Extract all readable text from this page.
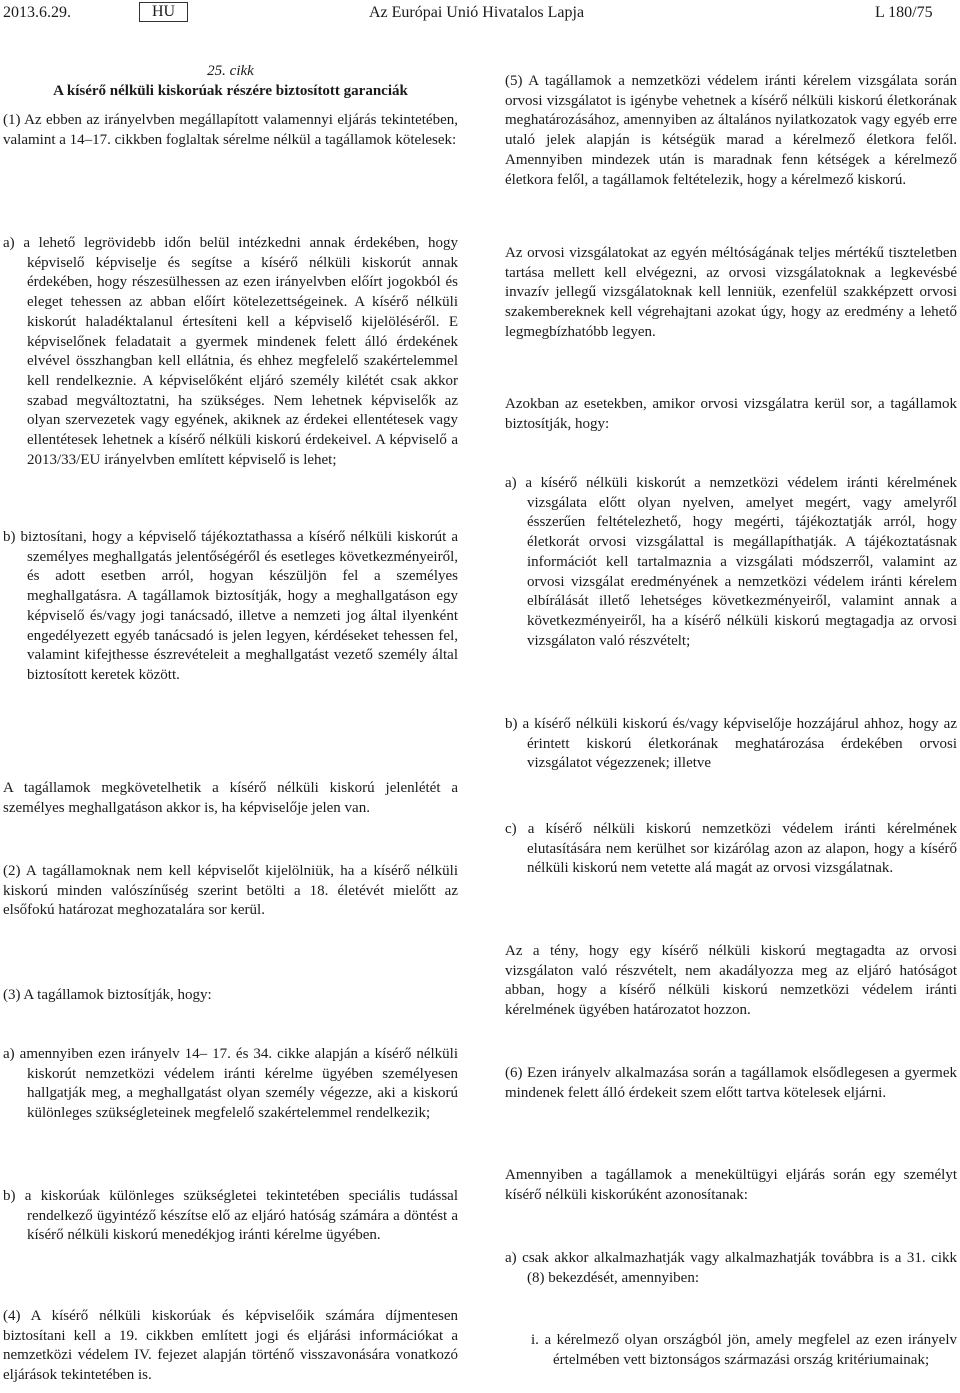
2013.6.29.	HU	Az Európai Unió Hivatalos Lapja	L 180/75
25. cikk
A kísérő nélküli kiskorúak részére biztosított garanciák
(1) Az ebben az irányelvben megállapított valamennyi eljárás tekintetében, valamint a 14–17. cikkben foglaltak sérelme nélkül a tagállamok kötelesek:
a) a lehető legrövidebb időn belül intézkedni annak érdekében, hogy képviselő képviselje és segítse a kísérő nélküli kiskorút annak érdekében, hogy részesülhessen az ezen irányelvben előírt jogokból és eleget tehessen az abban előírt kötelezettségeinek. A kísérő nélküli kiskorút haladéktalanul értesíteni kell a képviselő kijelöléséről. E képviselőnek feladatait a gyermek mindenek felett álló érdekének elvével összhangban kell ellátnia, és ehhez megfelelő szakértelemmel kell rendelkeznie. A képviselőként eljáró személy kilétét csak akkor szabad megváltoztatni, ha szükséges. Nem lehetnek képviselők az olyan szervezetek vagy egyének, akiknek az érdekei ellentétesek vagy ellentétesek lehetnek a kísérő nélküli kiskorú érdekeivel. A képviselő a 2013/33/EU irányelvben említett képviselő is lehet;
b) biztosítani, hogy a képviselő tájékoztathassa a kísérő nélküli kiskorút a személyes meghallgatás jelentőségéről és esetleges következményeiről, és adott esetben arról, hogyan készüljön fel a személyes meghallgatásra. A tagállamok biztosítják, hogy a meghallgatáson egy képviselő és/vagy jogi tanácsadó, illetve a nemzeti jog által ilyenként engedélyezett egyéb tanácsadó is jelen legyen, kérdéseket tehessen fel, valamint kifejthesse észrevételeit a meghallgatást vezető személy által biztosított keretek között.
A tagállamok megkövetelhetik a kísérő nélküli kiskorú jelenlétét a személyes meghallgatáson akkor is, ha képviselője jelen van.
(2) A tagállamoknak nem kell képviselőt kijelölniük, ha a kísérő nélküli kiskorú minden valószínűség szerint betölti a 18. életévét mielőtt az elsőfokú határozat meghozatalára sor kerül.
(3) A tagállamok biztosítják, hogy:
a) amennyiben ezen irányelv 14– 17. és 34. cikke alapján a kísérő nélküli kiskorút nemzetközi védelem iránti kérelme ügyében személyesen hallgatják meg, a meghallgatást olyan személy végezze, aki a kiskorú különleges szükségleteinek megfelelő szakértelemmel rendelkezik;
b) a kiskorúak különleges szükségletei tekintetében speciális tudással rendelkező ügyintéző készítse elő az eljáró hatóság számára a döntést a kísérő nélküli kiskorú menedékjog iránti kérelme ügyében.
(4) A kísérő nélküli kiskorúak és képviselőik számára díjmentesen biztosítani kell a 19. cikkben említett jogi és eljárási információkat a nemzetközi védelem IV. fejezet alapján történő visszavonására vonatkozó eljárások tekintetében is.
(5) A tagállamok a nemzetközi védelem iránti kérelem vizsgálata során orvosi vizsgálatot is igénybe vehetnek a kísérő nélküli kiskorú életkorának meghatározásához, amennyiben az általános nyilatkozatok vagy egyéb erre utaló jelek alapján is kétségük marad a kérelmező életkora felől. Amennyiben mindezek után is maradnak fenn kétségek a kérelmező életkora felől, a tagállamok feltételezik, hogy a kérelmező kiskorú.
Az orvosi vizsgálatokat az egyén méltóságának teljes mértékű tiszteletben tartása mellett kell elvégezni, az orvosi vizsgálatoknak a legkevésbé invazív jellegű vizsgálatoknak kell lenniük, ezenfelül szakképzett orvosi szakembereknek kell végrehajtani azokat úgy, hogy az eredmény a lehető legmegbízhatóbb legyen.
Azokban az esetekben, amikor orvosi vizsgálatra kerül sor, a tagállamok biztosítják, hogy:
a) a kísérő nélküli kiskorút a nemzetközi védelem iránti kérelmének vizsgálata előtt olyan nyelven, amelyet megért, vagy amelyről ésszerűen feltételezhető, hogy megérti, tájékoztatják arról, hogy életkorát orvosi vizsgálattal is megállapíthatják. A tájékoztatásnak információt kell tartalmaznia a vizsgálati módszerről, valamint az orvosi vizsgálat eredményének a nemzetközi védelem iránti kérelem elbírálását illető lehetséges következményeiről, valamint annak a következményeiről, ha a kísérő nélküli kiskorú megtagadja az orvosi vizsgálaton való részvételt;
b) a kísérő nélküli kiskorú és/vagy képviselője hozzájárul ahhoz, hogy az érintett kiskorú életkorának meghatározása érdekében orvosi vizsgálatot végezzenek; illetve
c) a kísérő nélküli kiskorú nemzetközi védelem iránti kérelmének elutasítására nem kerülhet sor kizárólag azon az alapon, hogy a kísérő nélküli kiskorú nem vetette alá magát az orvosi vizsgálatnak.
Az a tény, hogy egy kísérő nélküli kiskorú megtagadta az orvosi vizsgálaton való részvételt, nem akadályozza meg az eljáró hatóságot abban, hogy a kísérő nélküli kiskorú nemzetközi védelem iránti kérelmének ügyében határozatot hozzon.
(6) Ezen irányelv alkalmazása során a tagállamok elsődlegesen a gyermek mindenek felett álló érdekeit szem előtt tartva kötelesek eljárni.
Amennyiben a tagállamok a menekültügyi eljárás során egy személyt kísérő nélküli kiskorúként azonosítanak:
a) csak akkor alkalmazhatják vagy alkalmazhatják továbbra is a 31. cikk (8) bekezdését, amennyiben:
i. a kérelmező olyan országból jön, amely megfelel az ezen irányelv értelmében vett biztonságos származási ország kritériumainak;
